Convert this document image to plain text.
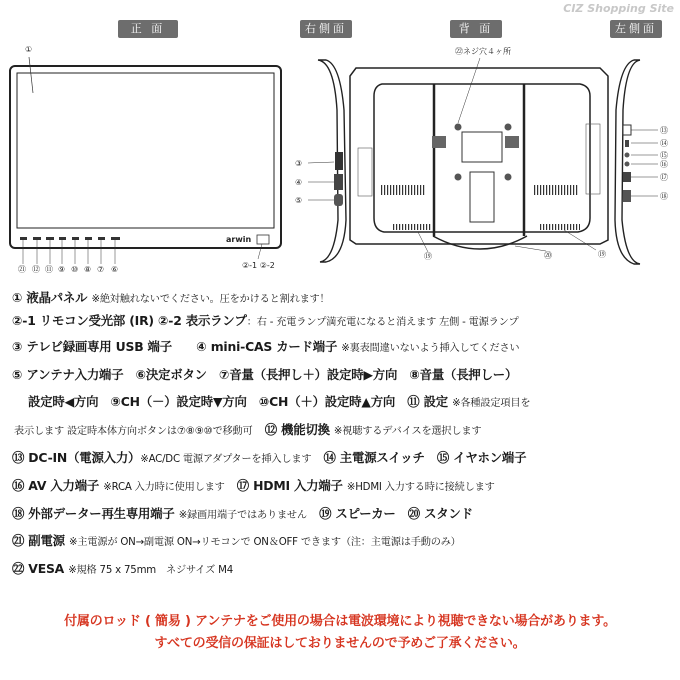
CIZ Shopping Site
正 面	右側面	背 面	左側面
①
arwin
㉑ ⑫ ⑪ ⑨ ⑩ ⑧ ⑦ ⑥	②-1 ②-2
③
④
⑤
㉒ネジ穴４ヶ所
⑲	⑳	⑲
⑬
⑭
⑮
⑯
⑰
⑱
① 液晶パネル ※絶対触れないでください。圧をかけると割れます！
②-1 リモコン受光部 (IR) ②-2 表示ランプ：右 - 充電ランプ満充電になると消えます 左側 - 電源ランプ
③ テレビ録画専用 USB 端子　　④ mini-CAS カード端子 ※裏表間違いないよう挿入してください
⑤ アンテナ入力端子　⑥決定ボタン　⑦音量（長押し＋）設定時▶方向　⑧音量（長押しー）
設定時◀方向　⑨CH（－）設定時▼方向　⑩CH（＋）設定時▲方向　⑪ 設定 ※各種設定項目を
表示します 設定時本体方向ボタンは⑦⑧⑨⑩で移動可　⑫ 機能切換 ※視聴するデバイスを選択します
⑬ DC-IN（電源入力）※AC/DC 電源アダプターを挿入します　⑭ 主電源スイッチ　⑮ イヤホン端子
⑯ AV 入力端子 ※RCA 入力時に使用します　⑰ HDMI 入力端子 ※HDMI 入力する時に接続します
⑱ 外部データー再生専用端子 ※録画用端子ではありません　⑲ スピーカー　⑳ スタンド
㉑ 副電源 ※主電源が ON→副電源 ON→リモコンで ON＆OFF できます（注：主電源は手動のみ）
㉒ VESA ※規格 75 x 75mm　ネジサイズ M4
付属のロッド ( 簡易 ) アンテナをご使用の場合は電波環境により視聴できない場合があります。
すべての受信の保証はしておりませんので予めご了承ください。
